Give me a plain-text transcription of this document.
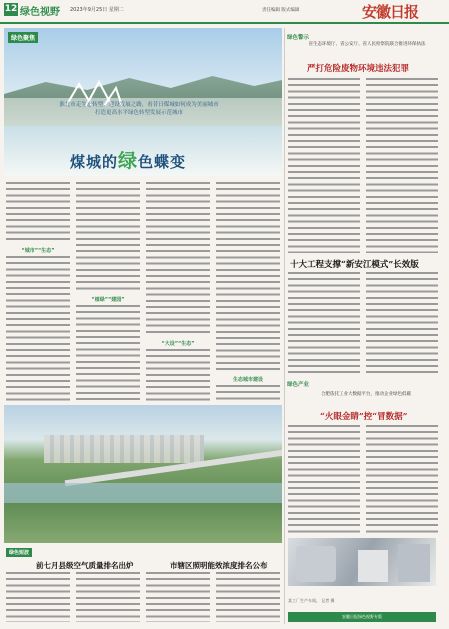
12 绿色视野 2023年9月25日 星期二	责任编辑 版式编辑	安徽日报
绿色聚焦
淮北市走生态转型、建设发展之路，看昔日煤城如何成为美丽城市
打造更高水平绿色转型发展示范城市
煤城的绿色蝶变
“城市”“生态”
“植绿”“建园”
“大设”“生态”
生态城市建设
绿色短波
前七月县级空气质量排名出炉	市辖区照明能效浓度排名公布
绿色警示
省生态环境厅、省公安厅、省人民检察院联合推进环保执法
严打危险废物环境违法犯罪
十大工程支撑“新安江模式”长效版
绿色产业
合肥依托工业大数据平台，推动企业绿色低碳
“火眼金睛”控“冒数据”
某工厂生产车间。 记者 摄
安徽日报绿色视野专版
